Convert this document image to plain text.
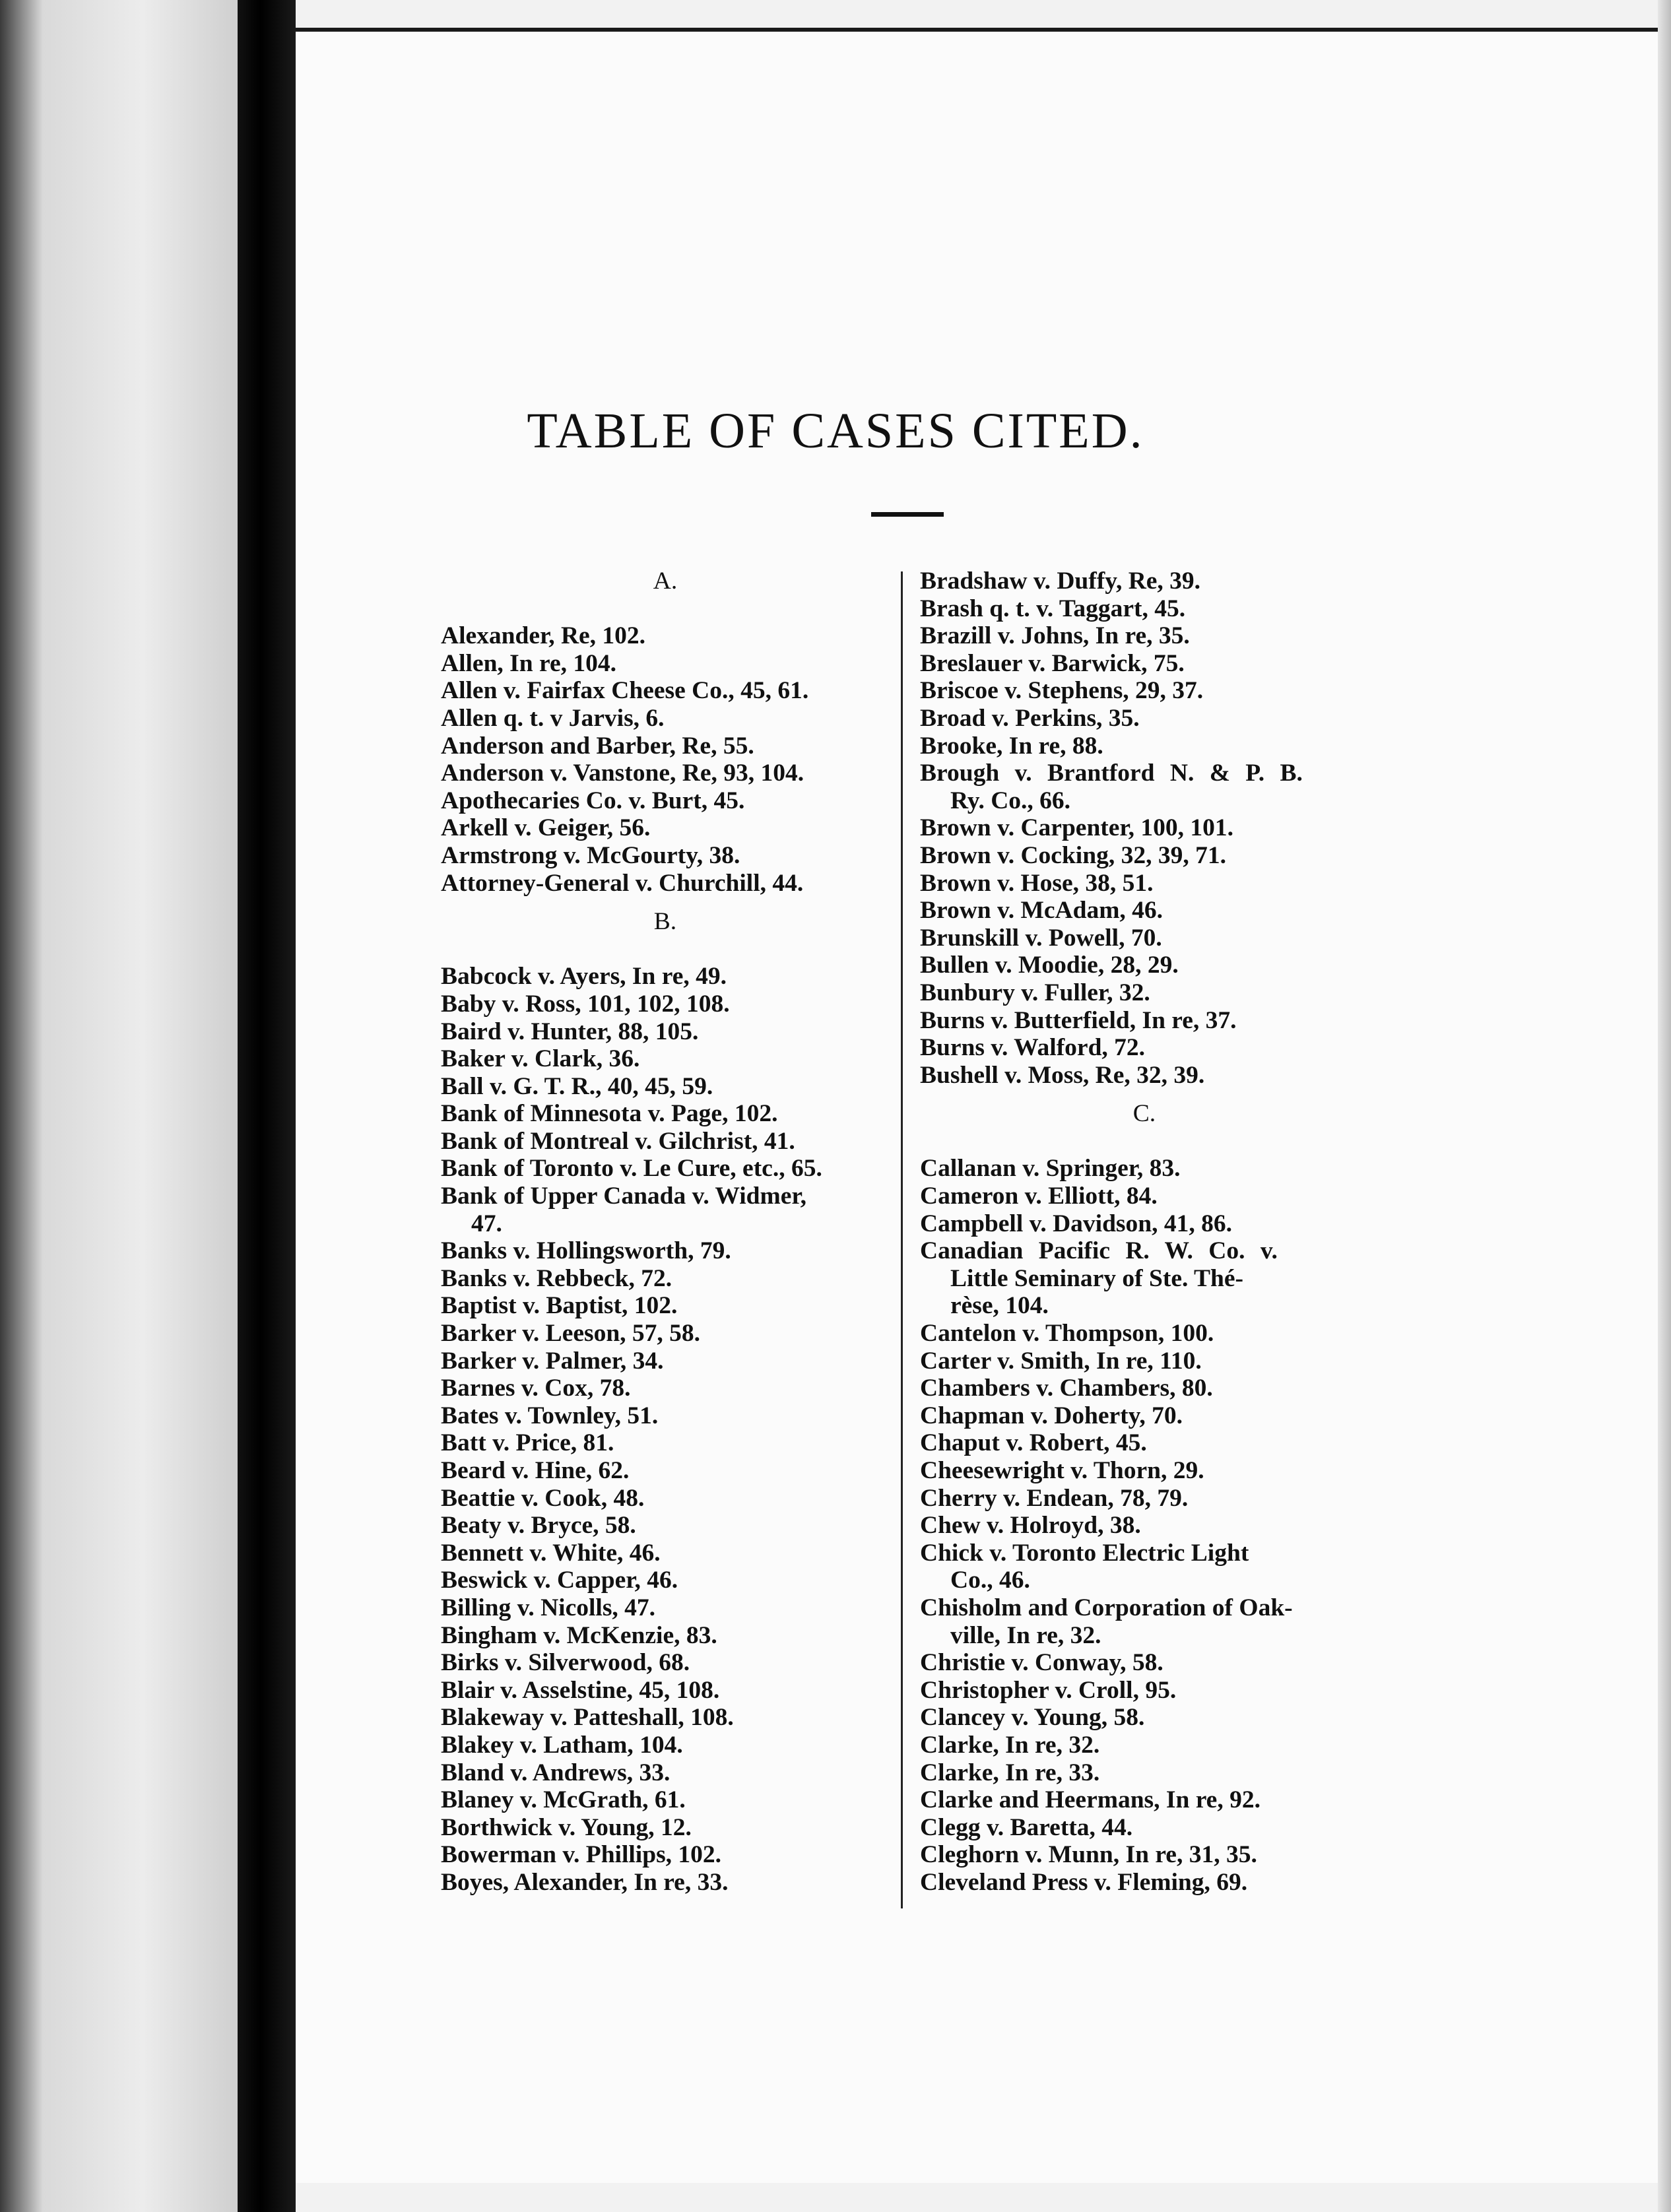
TABLE OF CASES CITED.
A.
Alexander, Re, 102.
Allen, In re, 104.
Allen v. Fairfax Cheese Co., 45, 61.
Allen q. t. v Jarvis, 6.
Anderson and Barber, Re, 55.
Anderson v. Vanstone, Re, 93, 104.
Apothecaries Co. v. Burt, 45.
Arkell v. Geiger, 56.
Armstrong v. McGourty, 38.
Attorney-General v. Churchill, 44.
B.
Babcock v. Ayers, In re, 49.
Baby v. Ross, 101, 102, 108.
Baird v. Hunter, 88, 105.
Baker v. Clark, 36.
Ball v. G. T. R., 40, 45, 59.
Bank of Minnesota v. Page, 102.
Bank of Montreal v. Gilchrist, 41.
Bank of Toronto v. Le Cure, etc., 65.
Bank of Upper Canada v. Widmer,
47.
Banks v. Hollingsworth, 79.
Banks v. Rebbeck, 72.
Baptist v. Baptist, 102.
Barker v. Leeson, 57, 58.
Barker v. Palmer, 34.
Barnes v. Cox, 78.
Bates v. Townley, 51.
Batt v. Price, 81.
Beard v. Hine, 62.
Beattie v. Cook, 48.
Beaty v. Bryce, 58.
Bennett v. White, 46.
Beswick v. Capper, 46.
Billing v. Nicolls, 47.
Bingham v. McKenzie, 83.
Birks v. Silverwood, 68.
Blair v. Asselstine, 45, 108.
Blakeway v. Patteshall, 108.
Blakey v. Latham, 104.
Bland v. Andrews, 33.
Blaney v. McGrath, 61.
Borthwick v. Young, 12.
Bowerman v. Phillips, 102.
Boyes, Alexander, In re, 33.
Bradshaw v. Duffy, Re, 39.
Brash q. t. v. Taggart, 45.
Brazill v. Johns, In re, 35.
Breslauer v. Barwick, 75.
Briscoe v. Stephens, 29, 37.
Broad v. Perkins, 35.
Brooke, In re, 88.
Brough v. Brantford N. & P. B.
Ry. Co., 66.
Brown v. Carpenter, 100, 101.
Brown v. Cocking, 32, 39, 71.
Brown v. Hose, 38, 51.
Brown v. McAdam, 46.
Brunskill v. Powell, 70.
Bullen v. Moodie, 28, 29.
Bunbury v. Fuller, 32.
Burns v. Butterfield, In re, 37.
Burns v. Walford, 72.
Bushell v. Moss, Re, 32, 39.
C.
Callanan v. Springer, 83.
Cameron v. Elliott, 84.
Campbell v. Davidson, 41, 86.
Canadian Pacific R. W. Co. v.
Little Seminary of Ste. Thé-
rèse, 104.
Cantelon v. Thompson, 100.
Carter v. Smith, In re, 110.
Chambers v. Chambers, 80.
Chapman v. Doherty, 70.
Chaput v. Robert, 45.
Cheesewright v. Thorn, 29.
Cherry v. Endean, 78, 79.
Chew v. Holroyd, 38.
Chick v. Toronto Electric Light
Co., 46.
Chisholm and Corporation of Oak-
ville, In re, 32.
Christie v. Conway, 58.
Christopher v. Croll, 95.
Clancey v. Young, 58.
Clarke, In re, 32.
Clarke, In re, 33.
Clarke and Heermans, In re, 92.
Clegg v. Baretta, 44.
Cleghorn v. Munn, In re, 31, 35.
Cleveland Press v. Fleming, 69.
